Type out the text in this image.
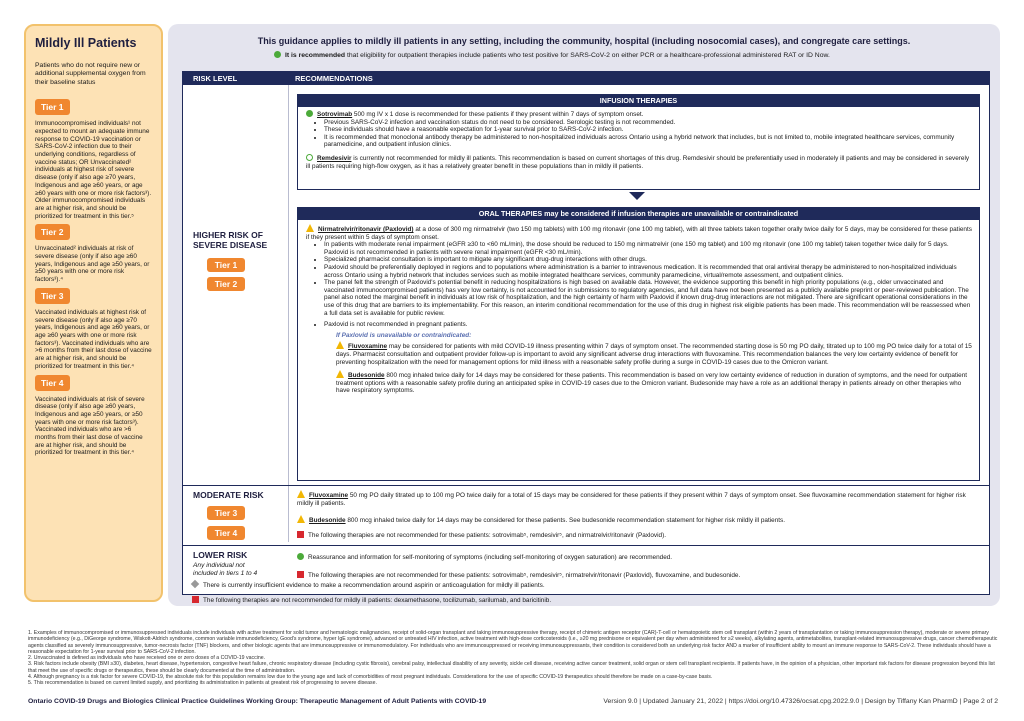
Mildly Ill Patients
Patients who do not require new or additional supplemental oxygen from their baseline status
Tier 1
Immunocompromised individuals¹ not expected to mount an adequate immune response to COVID-19 vaccination or SARS-CoV-2 infection due to their underlying conditions, regardless of vaccine status; OR Unvaccinated² individuals at highest risk of severe disease (only if also age ≥70 years, Indigenous and age ≥60 years, or age ≥60 years with one or more risk factors³). Older immunocompromised individuals are at higher risk, and should be prioritized for treatment in this tier.⁵
Tier 2
Unvaccinated² individuals at risk of severe disease (only if also age ≥60 years, Indigenous and age ≥50 years, or ≥50 years with one or more risk factors³).⁴
Tier 3
Vaccinated individuals at highest risk of severe disease (only if also age ≥70 years, Indigenous and age ≥60 years, or age ≥60 years with one or more risk factors³). Vaccinated individuals who are >6 months from their last dose of vaccine are at higher risk, and should be prioritized for treatment in this tier.⁴
Tier 4
Vaccinated individuals at risk of severe disease (only if also age ≥60 years, Indigenous and age ≥50 years, or ≥50 years with one or more risk factors³). Vaccinated individuals who are >6 months from their last dose of vaccine are at higher risk, and should be prioritized for treatment in this tier.⁴
This guidance applies to mildly ill patients in any setting, including the community, hospital (including nosocomial cases), and congregate care settings.
It is recommended that eligibility for outpatient therapies include patients who test positive for SARS-CoV-2 on either PCR or a healthcare-professional administered RAT or ID Now.
RISK LEVEL	RECOMMENDATIONS
HIGHER RISK OF
SEVERE DISEASE
Tier 1
Tier 2
INFUSION THERAPIES
Sotrovimab 500 mg IV x 1 dose is recommended for these patients if they present within 7 days of symptom onset.
• Previous SARS-CoV-2 infection and vaccination status do not need to be considered. Serologic testing is not recommended.
• These individuals should have a reasonable expectation for 1-year survival prior to SARS-CoV-2 infection.
• It is recommended that monoclonal antibody therapy be administered to non-hospitalized individuals across Ontario using a hybrid network that includes, but is not limited to, mobile integrated healthcare services, community paramedicine, and outpatient infusion clinics.
Remdesivir is currently not recommended for mildly ill patients. This recommendation is based on current shortages of this drug. Remdesivir should be preferentially used in moderately ill patients and may be considered in severely ill patients requiring high-flow oxygen, as it has a relatively greater benefit in these populations than in mildly ill patients.
ORAL THERAPIES may be considered if infusion therapies are unavailable or contraindicated
Nirmatrelvir/ritonavir (Paxlovid) at a dose of 300 mg nirmatrelvir (two 150 mg tablets) with 100 mg ritonavir (one 100 mg tablet), with all three tablets taken together orally twice daily for 5 days, may be considered for these patients if they present within 5 days of symptom onset.
• In patients with moderate renal impairment (eGFR ≥30 to <60 mL/min), the dose should be reduced to 150 mg nirmatrelvir (one 150 mg tablet) and 100 mg ritonavir (one 100 mg tablet) taken together twice daily for 5 days. Paxlovid is not recommended in patients with severe renal impairment (eGFR <30 mL/min).
• Specialized pharmacist consultation is important to mitigate any significant drug-drug interactions with other drugs.
• Paxlovid should be preferentially deployed in regions and to populations where administration is a barrier to intravenous medication. It is recommended that oral antiviral therapy be administered to non-hospitalized individuals across Ontario using a hybrid network that includes services such as mobile integrated healthcare services, community paramedicine, virtual/remote assessment, and outpatient clinics.
• The panel felt the strength of Paxlovid's potential benefit in reducing hospitalizations is high based on available data. However, the evidence supporting this benefit in high priority populations (e.g., older unvaccinated and vaccinated immunocompromised patients) has very low certainty, is not accounted for in submissions to regulatory agencies, and full data have not been presented as a publicly available preprint or peer-reviewed publication. The panel also noted the marginal benefit in individuals at low risk of hospitalization, and the high certainty of harm with Paxlovid if known drug-drug interactions are not mitigated. There are significant operational considerations in the use of this drug that are barriers to its implementability. For this reason, an interim conditional recommendation for the use of this drug in highest risk eligible patients has been made. This recommendation will be reassessed when a full data set is available for public review.
• Paxlovid is not recommended in pregnant patients.
If Paxlovid is unavailable or contraindicated:
Fluvoxamine may be considered for patients with mild COVID-19 illness presenting within 7 days of symptom onset. The recommended starting dose is 50 mg PO daily, titrated up to 100 mg PO twice daily for a total of 15 days. Pharmacist consultation and outpatient provider follow-up is important to avoid any significant adverse drug interactions with fluvoxamine. This recommendation balances the very low certainty evidence of benefit for preventing hospitalization with the need for management options for mild illness with a reasonable safety profile during a surge in COVID-19 cases due to the Omicron variant.
Budesonide 800 mcg inhaled twice daily for 14 days may be considered for these patients. This recommendation is based on very low certainty evidence of reduction in duration of symptoms, and the need for outpatient treatment options with a reasonable safety profile during an anticipated spike in COVID-19 cases due to the Omicron variant. Budesonide may have a role as an additional therapy in patients already on other therapies who have respiratory symptoms.
MODERATE RISK
Tier 3
Tier 4
Fluvoxamine 50 mg PO daily titrated up to 100 mg PO twice daily for a total of 15 days may be considered for these patients if they present within 7 days of symptom onset. See fluvoxamine recommendation statement for higher risk mildly ill patients.
Budesonide 800 mcg inhaled twice daily for 14 days may be considered for these patients. See budesonide recommendation statement for higher risk mildly ill patients.
The following therapies are not recommended for these patients: sotrovimab⁵, remdesivir⁵, and nirmatrelvir/ritonavir (Paxlovid).
LOWER RISK
Any individual not
included in tiers 1 to 4
Reassurance and information for self-monitoring of symptoms (including self-monitoring of oxygen saturation) are recommended.
The following therapies are not recommended for these patients: sotrovimab⁵, remdesivir⁵, nirmatrelvir/ritonavir (Paxlovid), fluvoxamine, and budesonide.
There is currently insufficient evidence to make a recommendation around aspirin or anticoagulation for mildly ill patients.
The following therapies are not recommended for mildly ill patients: dexamethasone, tocilizumab, sarilumab, and baricitinib.
1. Examples of immunocompromised or immunosuppressed individuals include individuals with active treatment for solid tumor and hematologic malignancies, receipt of solid-organ transplant and taking immunosuppressive therapy, receipt of chimeric antigen receptor (CAR)-T-cell or hematopoietic stem cell transplant (within 2 years of transplantation or taking immunosuppression therapy), moderate or severe primary immunodeficiency (e.g., DiGeorge syndrome, Wiskott-Aldrich syndrome, common variable immunodeficiency, Good's syndrome, hyper IgE syndrome), advanced or untreated HIV infection, active treatment with high-dose corticosteroids (i.e., ≥20 mg prednisone or equivalent per day when administered for ≥2 weeks), alkylating agents, antimetabolites, transplant-related immunosuppressive drugs, cancer chemotherapeutic agents classified as severely immunosuppressive, tumor-necrosis factor (TNF) blockers, and other biologic agents that are immunosuppressive or immunomodulatory. For individuals who are immunosuppressed or receiving immunosuppressants, their condition is considered both an underlying risk factor AND a marker of insufficient ability to mount an immune response to SARS-CoV-2. These individuals should have a reasonable expectation for 1-year survival prior to SARS-CoV-2 infection.
2. Unvaccinated is defined as individuals who have received one or zero doses of a COVID-19 vaccine.
3. Risk factors include obesity (BMI ≥30), diabetes, heart disease, hypertension, congestive heart failure, chronic respiratory disease (including cystic fibrosis), cerebral palsy, intellectual disability of any severity, sickle cell disease, receiving active cancer treatment, solid organ or stem cell transplant recipients. If patients have, in the opinion of a physician, other important risk factors for disease progression beyond this list that meet the use of specific drugs or therapeutics, these should be clearly documented at the time of administration.
4. Although pregnancy is a risk factor for severe COVID-19, the absolute risk for this population remains low due to the young age and lack of comorbidities of most pregnant individuals. Considerations for the use of specific COVID-19 therapeutics should therefore be made on a case-by-case basis.
5. This recommendation is based on current limited supply, and prioritizing its administration in patients at greatest risk of progressing to severe disease.
Ontario COVID-19 Drugs and Biologics Clinical Practice Guidelines Working Group: Therapeutic Management of Adult Patients with COVID-19	Version 9.0 | Updated January 21, 2022 | https://doi.org/10.47326/ocsat.cpg.2022.9.0 | Design by Tiffany Kan PharmD | Page 2 of 2
